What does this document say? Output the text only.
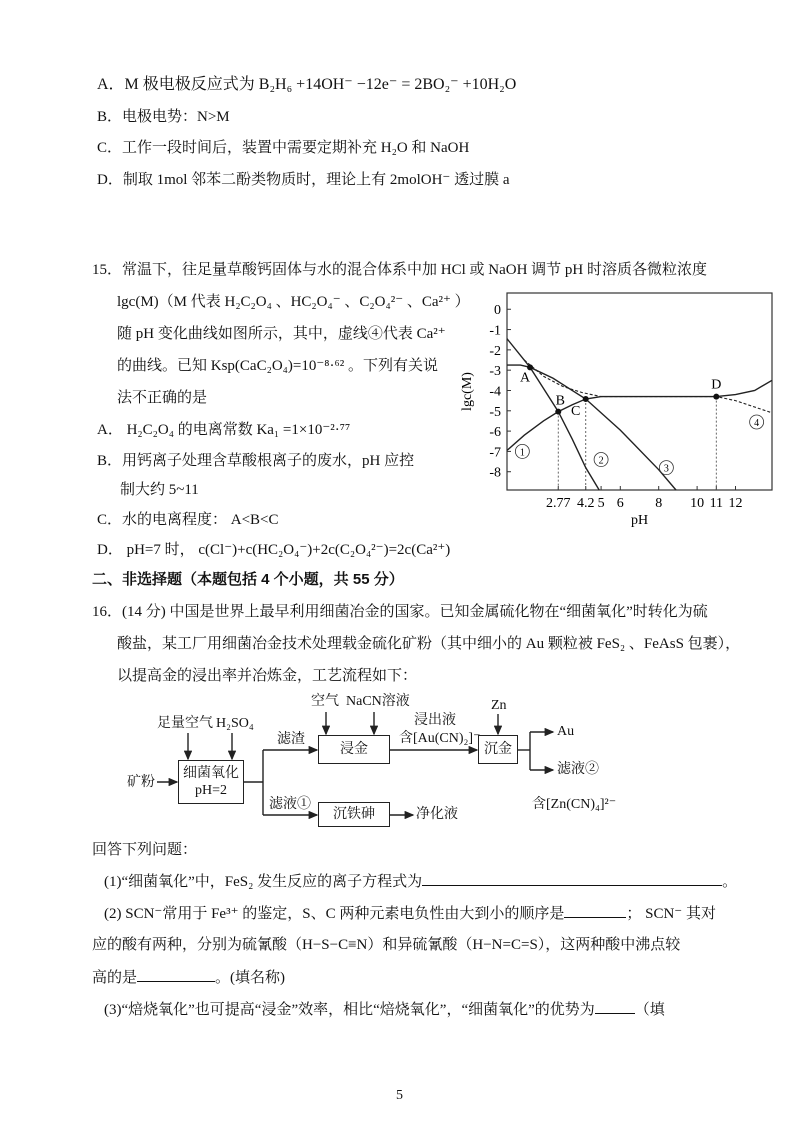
A．M 极电极反应式为 B₂H₆ +14OH⁻ −12e⁻ = 2BO₂⁻ +10H₂O
B．电极电势：N>M
C．工作一段时间后，装置中需要定期补充 H₂O 和 NaOH
D．制取 1mol 邻苯二酚类物质时，理论上有 2molOH⁻ 透过膜 a
15．常温下，往足量草酸钙固体与水的混合体系中加 HCl 或 NaOH 调节 pH 时溶质各微粒浓度
lgc(M)（M 代表 H₂C₂O₄ 、HC₂O₄⁻ 、C₂O₄²⁻ 、Ca²⁺ ）
随 pH 变化曲线如图所示，其中，虚线④代表 Ca²⁺
的曲线。已知 Ksp(CaC₂O₄)=10⁻⁸·⁶² 。下列有关说
法不正确的是
A． H₂C₂O₄ 的电离常数 Ka₁ =1×10⁻²·⁷⁷
B．用钙离子处理含草酸根离子的废水，pH 应控
制大约 5~11
C．水的电离程度： A<B<C
D． pH=7 时， c(Cl⁻)+c(HC₂O₄⁻)+2c(C₂O₄²⁻)=2c(Ca²⁺)
0
-1
-2
-3
-4
-5
-6
-7
-8
2.77 4.2 5 6 8 10 11 12
pH
lgc(M)
1
2
3
4
A
B
C
D
二、非选择题（本题包括 4 个小题，共 55 分）
16．(14 分) 中国是世界上最早利用细菌冶金的国家。已知金属硫化物在“细菌氧化”时转化为硫
酸盐，某工厂用细菌冶金技术处理载金硫化矿粉（其中细小的 Au 颗粒被 FeS₂ 、FeAsS 包裹），
以提高金的浸出率并冶炼金，工艺流程如下：
矿粉
足量空气 H₂SO₄
细菌氧化
pH=2
滤渣
滤液①
空气 NaCN溶液
浸金
浸出液
含[Au(CN)₂]⁻
Zn
沉金
Au
滤液②
含[Zn(CN)₄]²⁻
沉铁砷	净化液
回答下列问题：
(1)“细菌氧化”中，FeS₂ 发生反应的离子方程式为	。
(2) SCN⁻常用于 Fe³⁺ 的鉴定，S、C 两种元素电负性由大到小的顺序是	； SCN⁻ 其对
应的酸有两种，分别为硫氰酸（H−S−C≡N）和异硫氰酸（H−N=C=S），这两种酸中沸点较
高的是	。(填名称)
(3)“焙烧氧化”也可提高“浸金”效率，相比“焙烧氧化”，“细菌氧化”的优势为	（填
5
